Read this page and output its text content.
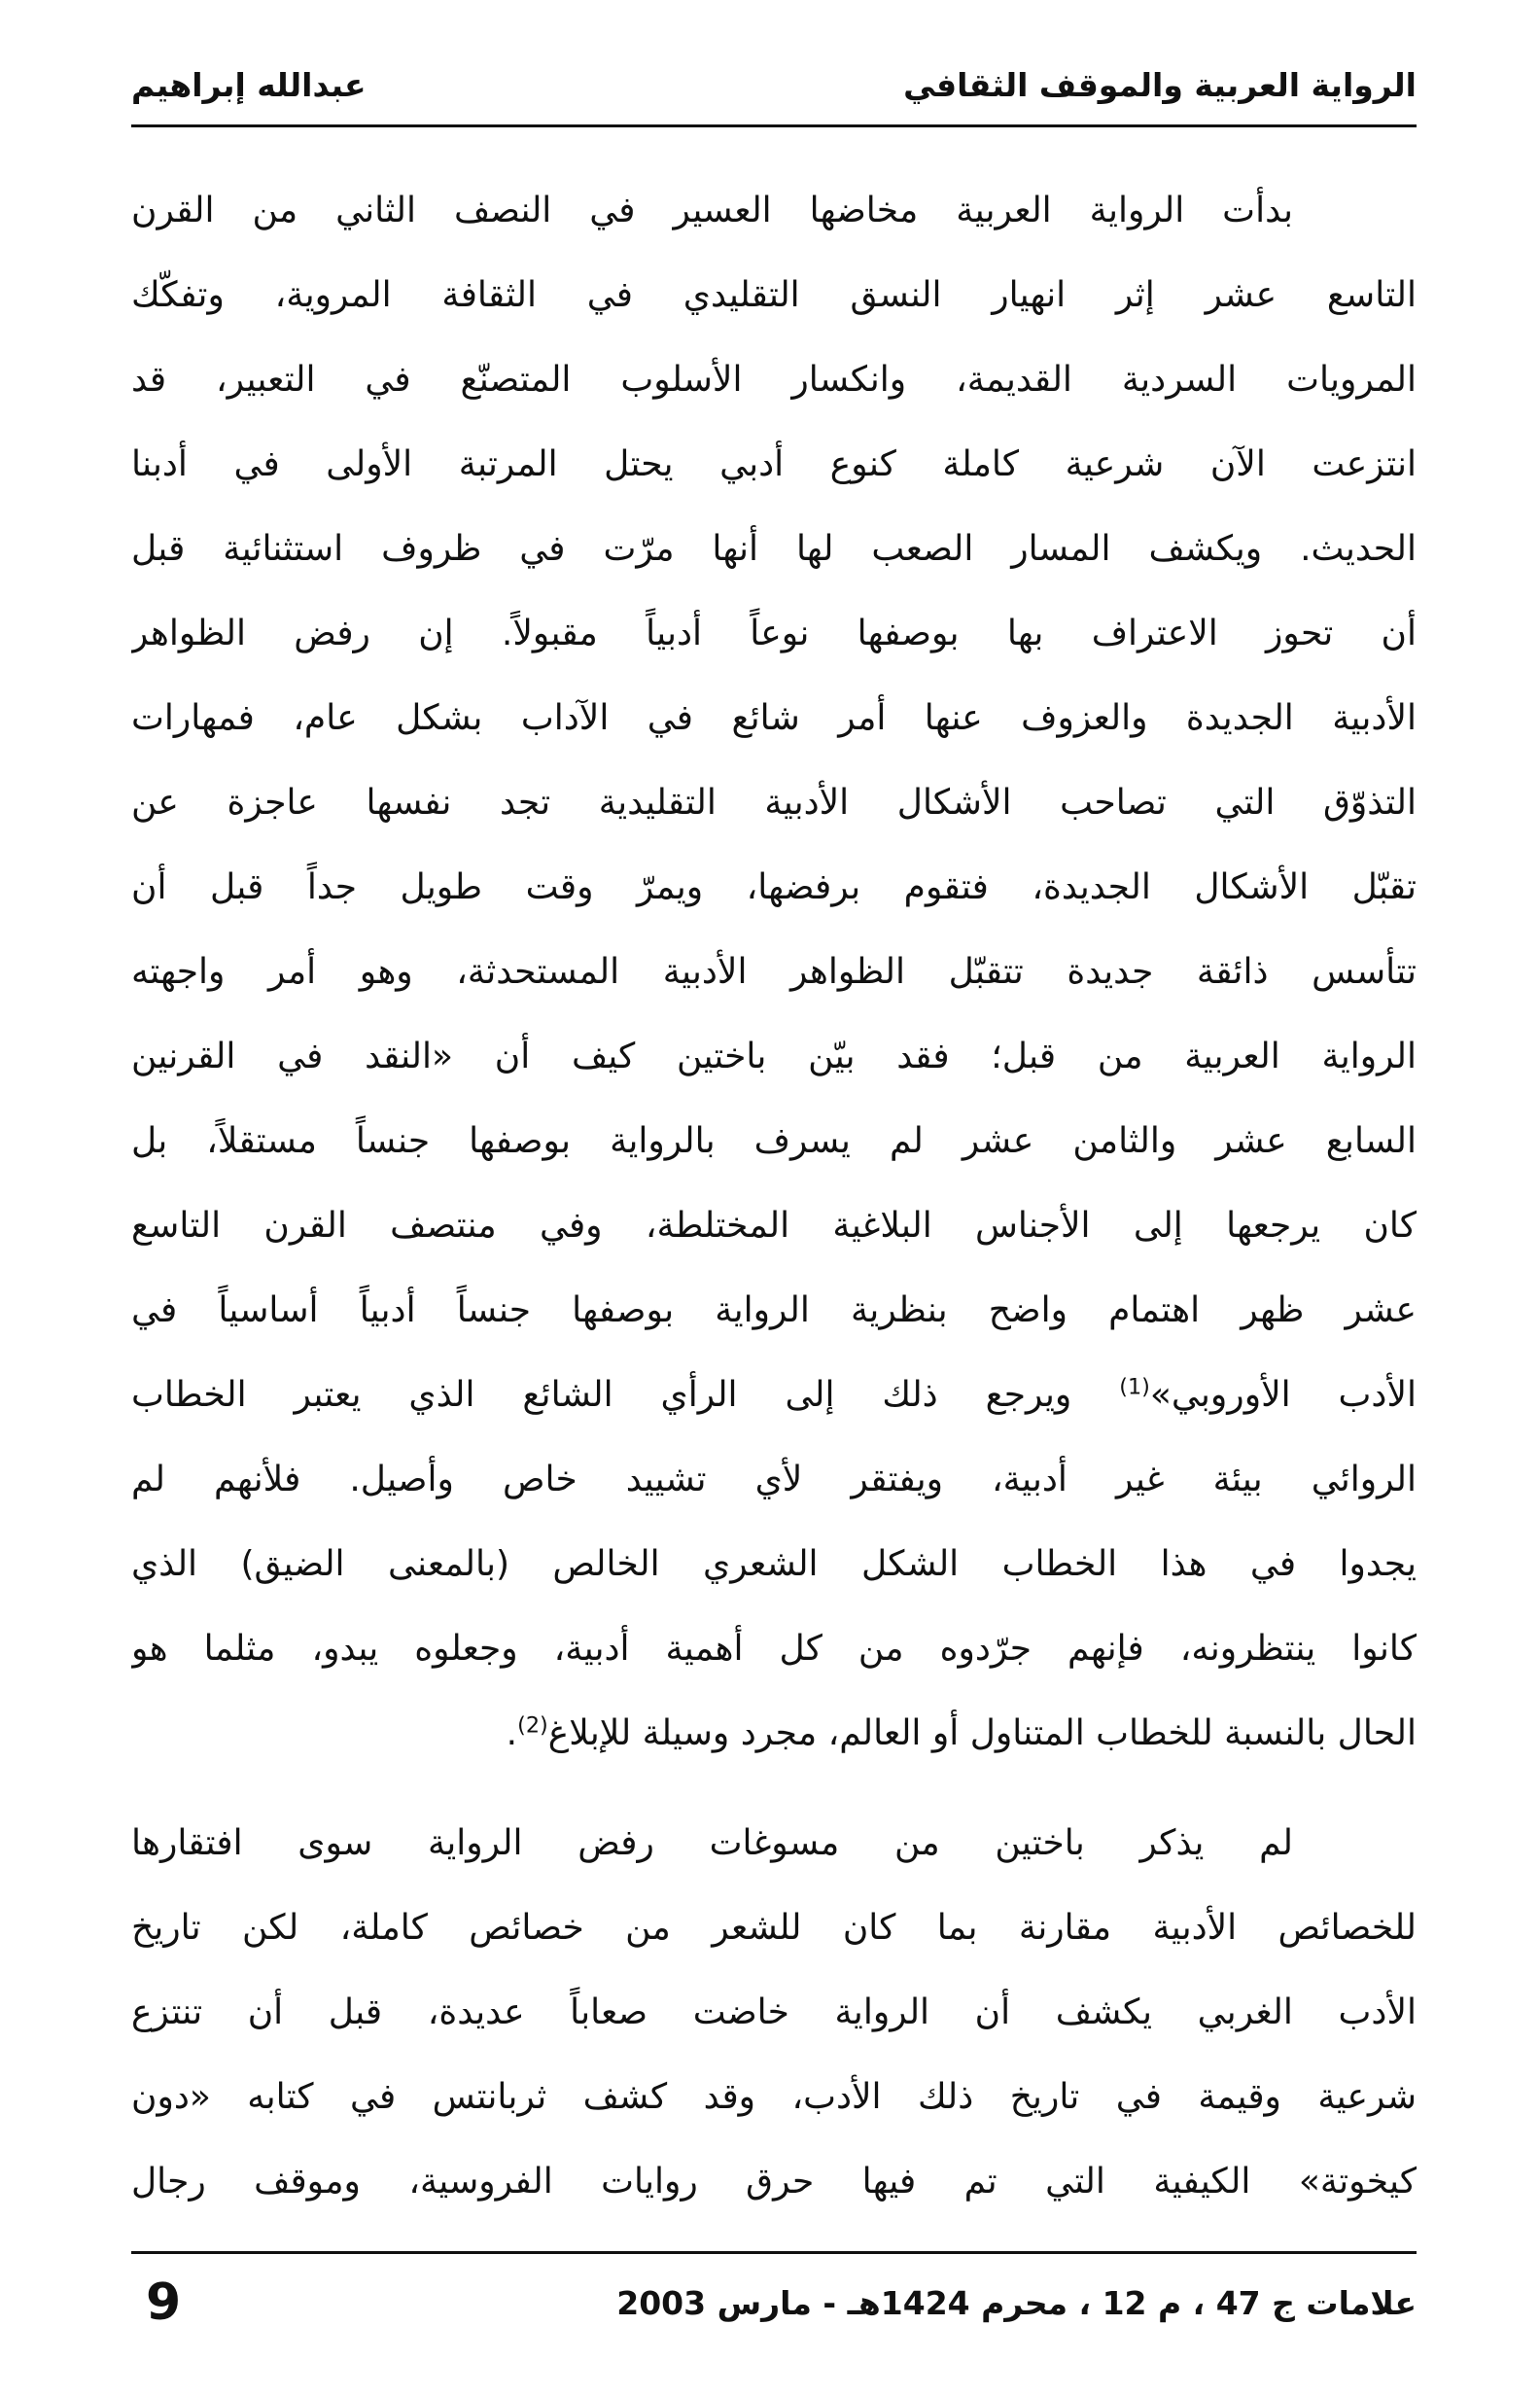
الرواية العربية والموقف الثقافي
عبدالله إبراهيم
بدأت الرواية العربية مخاضها العسير في النصف الثاني من القرن
التاسع عشر إثر انهيار النسق التقليدي في الثقافة المروية، وتفكّك
المرويات السردية القديمة، وانكسار الأسلوب المتصنّع في التعبير، قد
انتزعت الآن شرعية كاملة كنوع أدبي يحتل المرتبة الأولى في أدبنا
الحديث. ويكشف المسار الصعب لها أنها مرّت في ظروف استثنائية قبل
أن تحوز الاعتراف بها بوصفها نوعاً أدبياً مقبولاً. إن رفض الظواهر
الأدبية الجديدة والعزوف عنها أمر شائع في الآداب بشكل عام، فمهارات
التذوّق التي تصاحب الأشكال الأدبية التقليدية تجد نفسها عاجزة عن
تقبّل الأشكال الجديدة، فتقوم برفضها، ويمرّ وقت طويل جداً قبل أن
تتأسس ذائقة جديدة تتقبّل الظواهر الأدبية المستحدثة، وهو أمر واجهته
الرواية العربية من قبل؛ فقد بيّن باختين كيف أن «النقد في القرنين
السابع عشر والثامن عشر لم يسرف بالرواية بوصفها جنساً مستقلاً، بل
كان يرجعها إلى الأجناس البلاغية المختلطة، وفي منتصف القرن التاسع
عشر ظهر اهتمام واضح بنظرية الرواية بوصفها جنساً أدبياً أساسياً في
الأدب الأوروبي»$^{(1)}$ ويرجع ذلك إلى الرأي الشائع الذي يعتبر الخطاب
الروائي بيئة غير أدبية، ويفتقر لأي تشييد خاص وأصيل. فلأنهم لم
يجدوا في هذا الخطاب الشكل الشعري الخالص (بالمعنى الضيق) الذي
كانوا ينتظرونه، فإنهم جرّدوه من كل أهمية أدبية، وجعلوه يبدو، مثلما هو
الحال بالنسبة للخطاب المتناول أو العالم، مجرد وسيلة للإبلاغ$^{(2)}$.
لم يذكر باختين من مسوغات رفض الرواية سوى افتقارها
للخصائص الأدبية مقارنة بما كان للشعر من خصائص كاملة، لكن تاريخ
الأدب الغربي يكشف أن الرواية خاضت صعاباً عديدة، قبل أن تنتزع
شرعية وقيمة في تاريخ ذلك الأدب، وقد كشف ثربانتس في كتابه «دون
كيخوتة» الكيفية التي تم فيها حرق روايات الفروسية، وموقف رجال
علامات ج 47 ، م 12 ، محرم 1424هـ - مارس 2003
9
